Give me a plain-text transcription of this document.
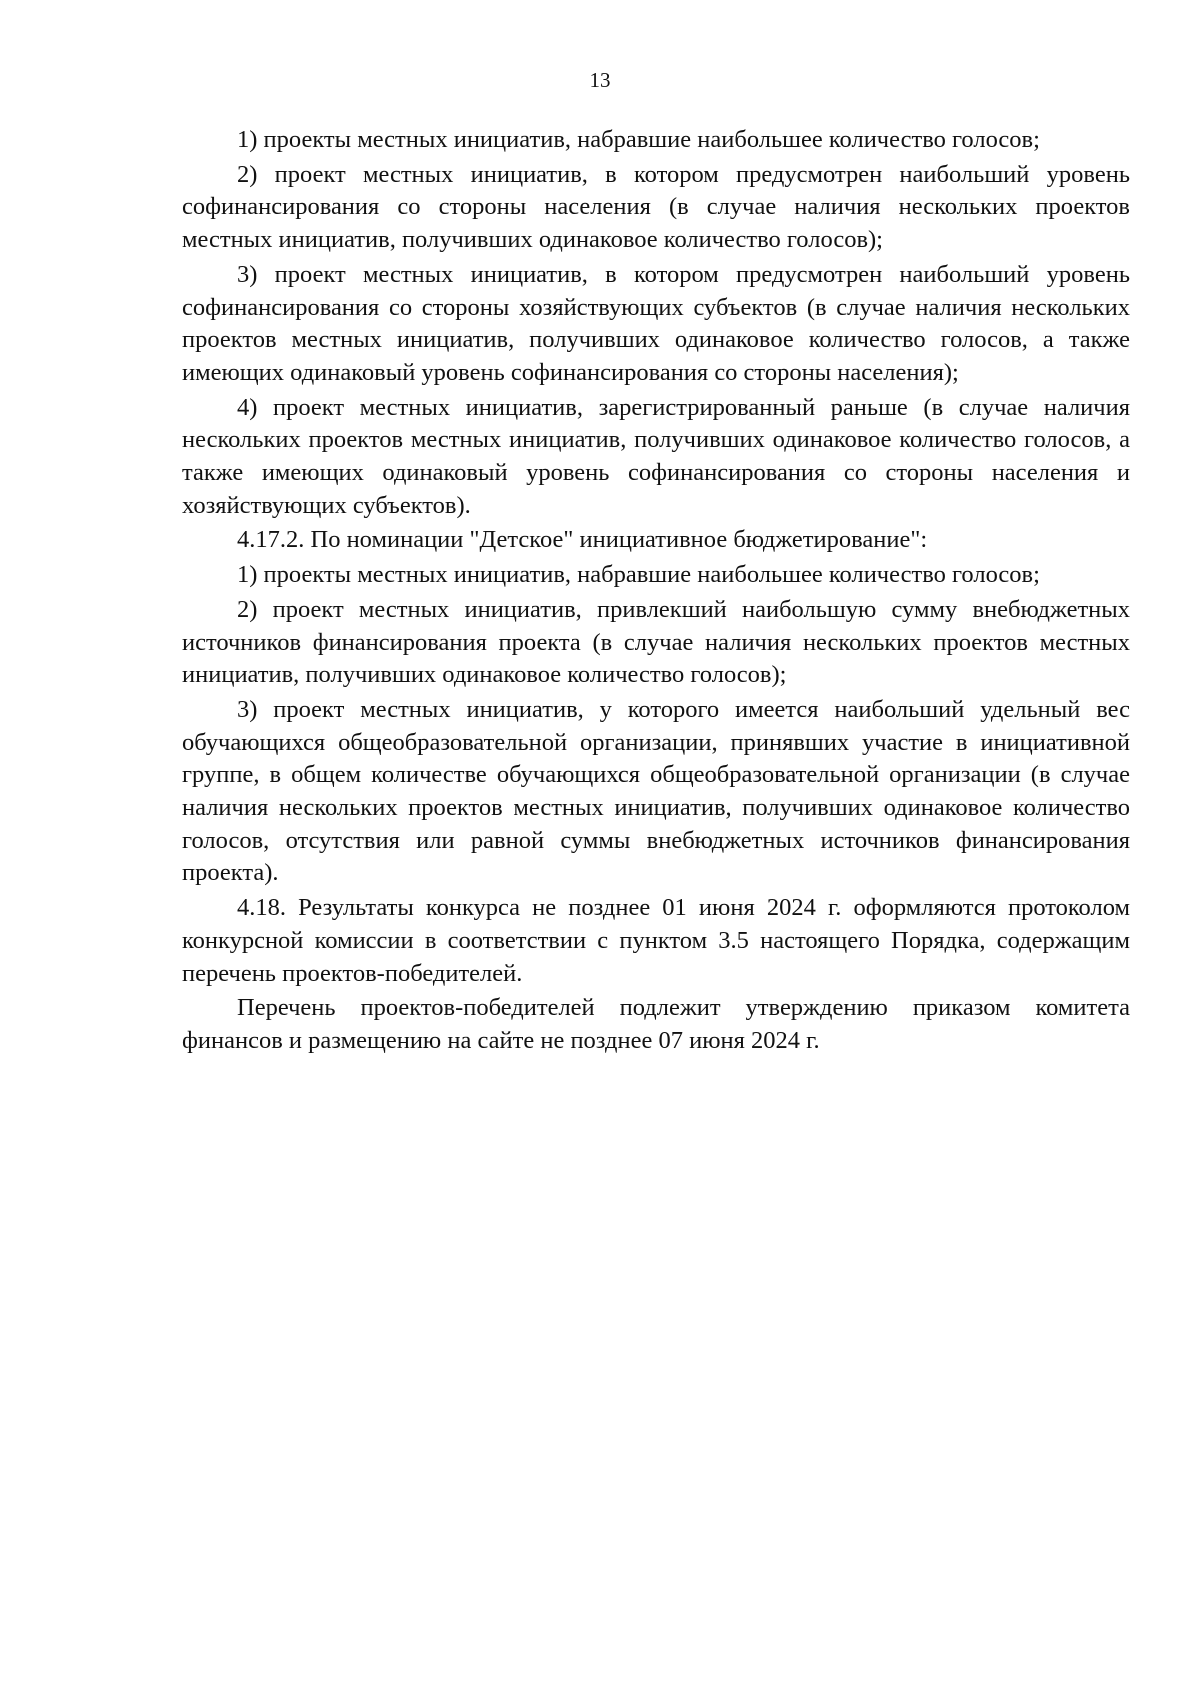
13

1) проекты местных инициатив, набравшие наибольшее количество голосов;

2) проект местных инициатив, в котором предусмотрен наибольший уровень софинансирования со стороны населения (в случае наличия нескольких проектов местных инициатив, получивших одинаковое количество голосов);

3) проект местных инициатив, в котором предусмотрен наибольший уровень софинансирования со стороны хозяйствующих субъектов (в случае наличия нескольких проектов местных инициатив, получивших одинаковое количество голосов, а также имеющих одинаковый уровень софинансирования со стороны населения);

4) проект местных инициатив, зарегистрированный раньше (в случае наличия нескольких проектов местных инициатив, получивших одинаковое количество голосов, а также имеющих одинаковый уровень софинансирования со стороны населения и хозяйствующих субъектов).

4.17.2. По номинации "Детское" инициативное бюджетирование":

1) проекты местных инициатив, набравшие наибольшее количество голосов;

2) проект местных инициатив, привлекший наибольшую сумму внебюджетных источников финансирования проекта (в случае наличия нескольких проектов местных инициатив, получивших одинаковое количество голосов);

3) проект местных инициатив, у которого имеется наибольший удельный вес обучающихся общеобразовательной организации, принявших участие в инициативной группе, в общем количестве обучающихся общеобразовательной организации (в случае наличия нескольких проектов местных инициатив, получивших одинаковое количество голосов, отсутствия или равной суммы внебюджетных источников финансирования проекта).

4.18. Результаты конкурса не позднее 01 июня 2024 г. оформляются протоколом конкурсной комиссии в соответствии с пунктом 3.5 настоящего Порядка, содержащим перечень проектов-победителей.

Перечень проектов-победителей подлежит утверждению приказом комитета финансов и размещению на сайте не позднее 07 июня 2024 г.
